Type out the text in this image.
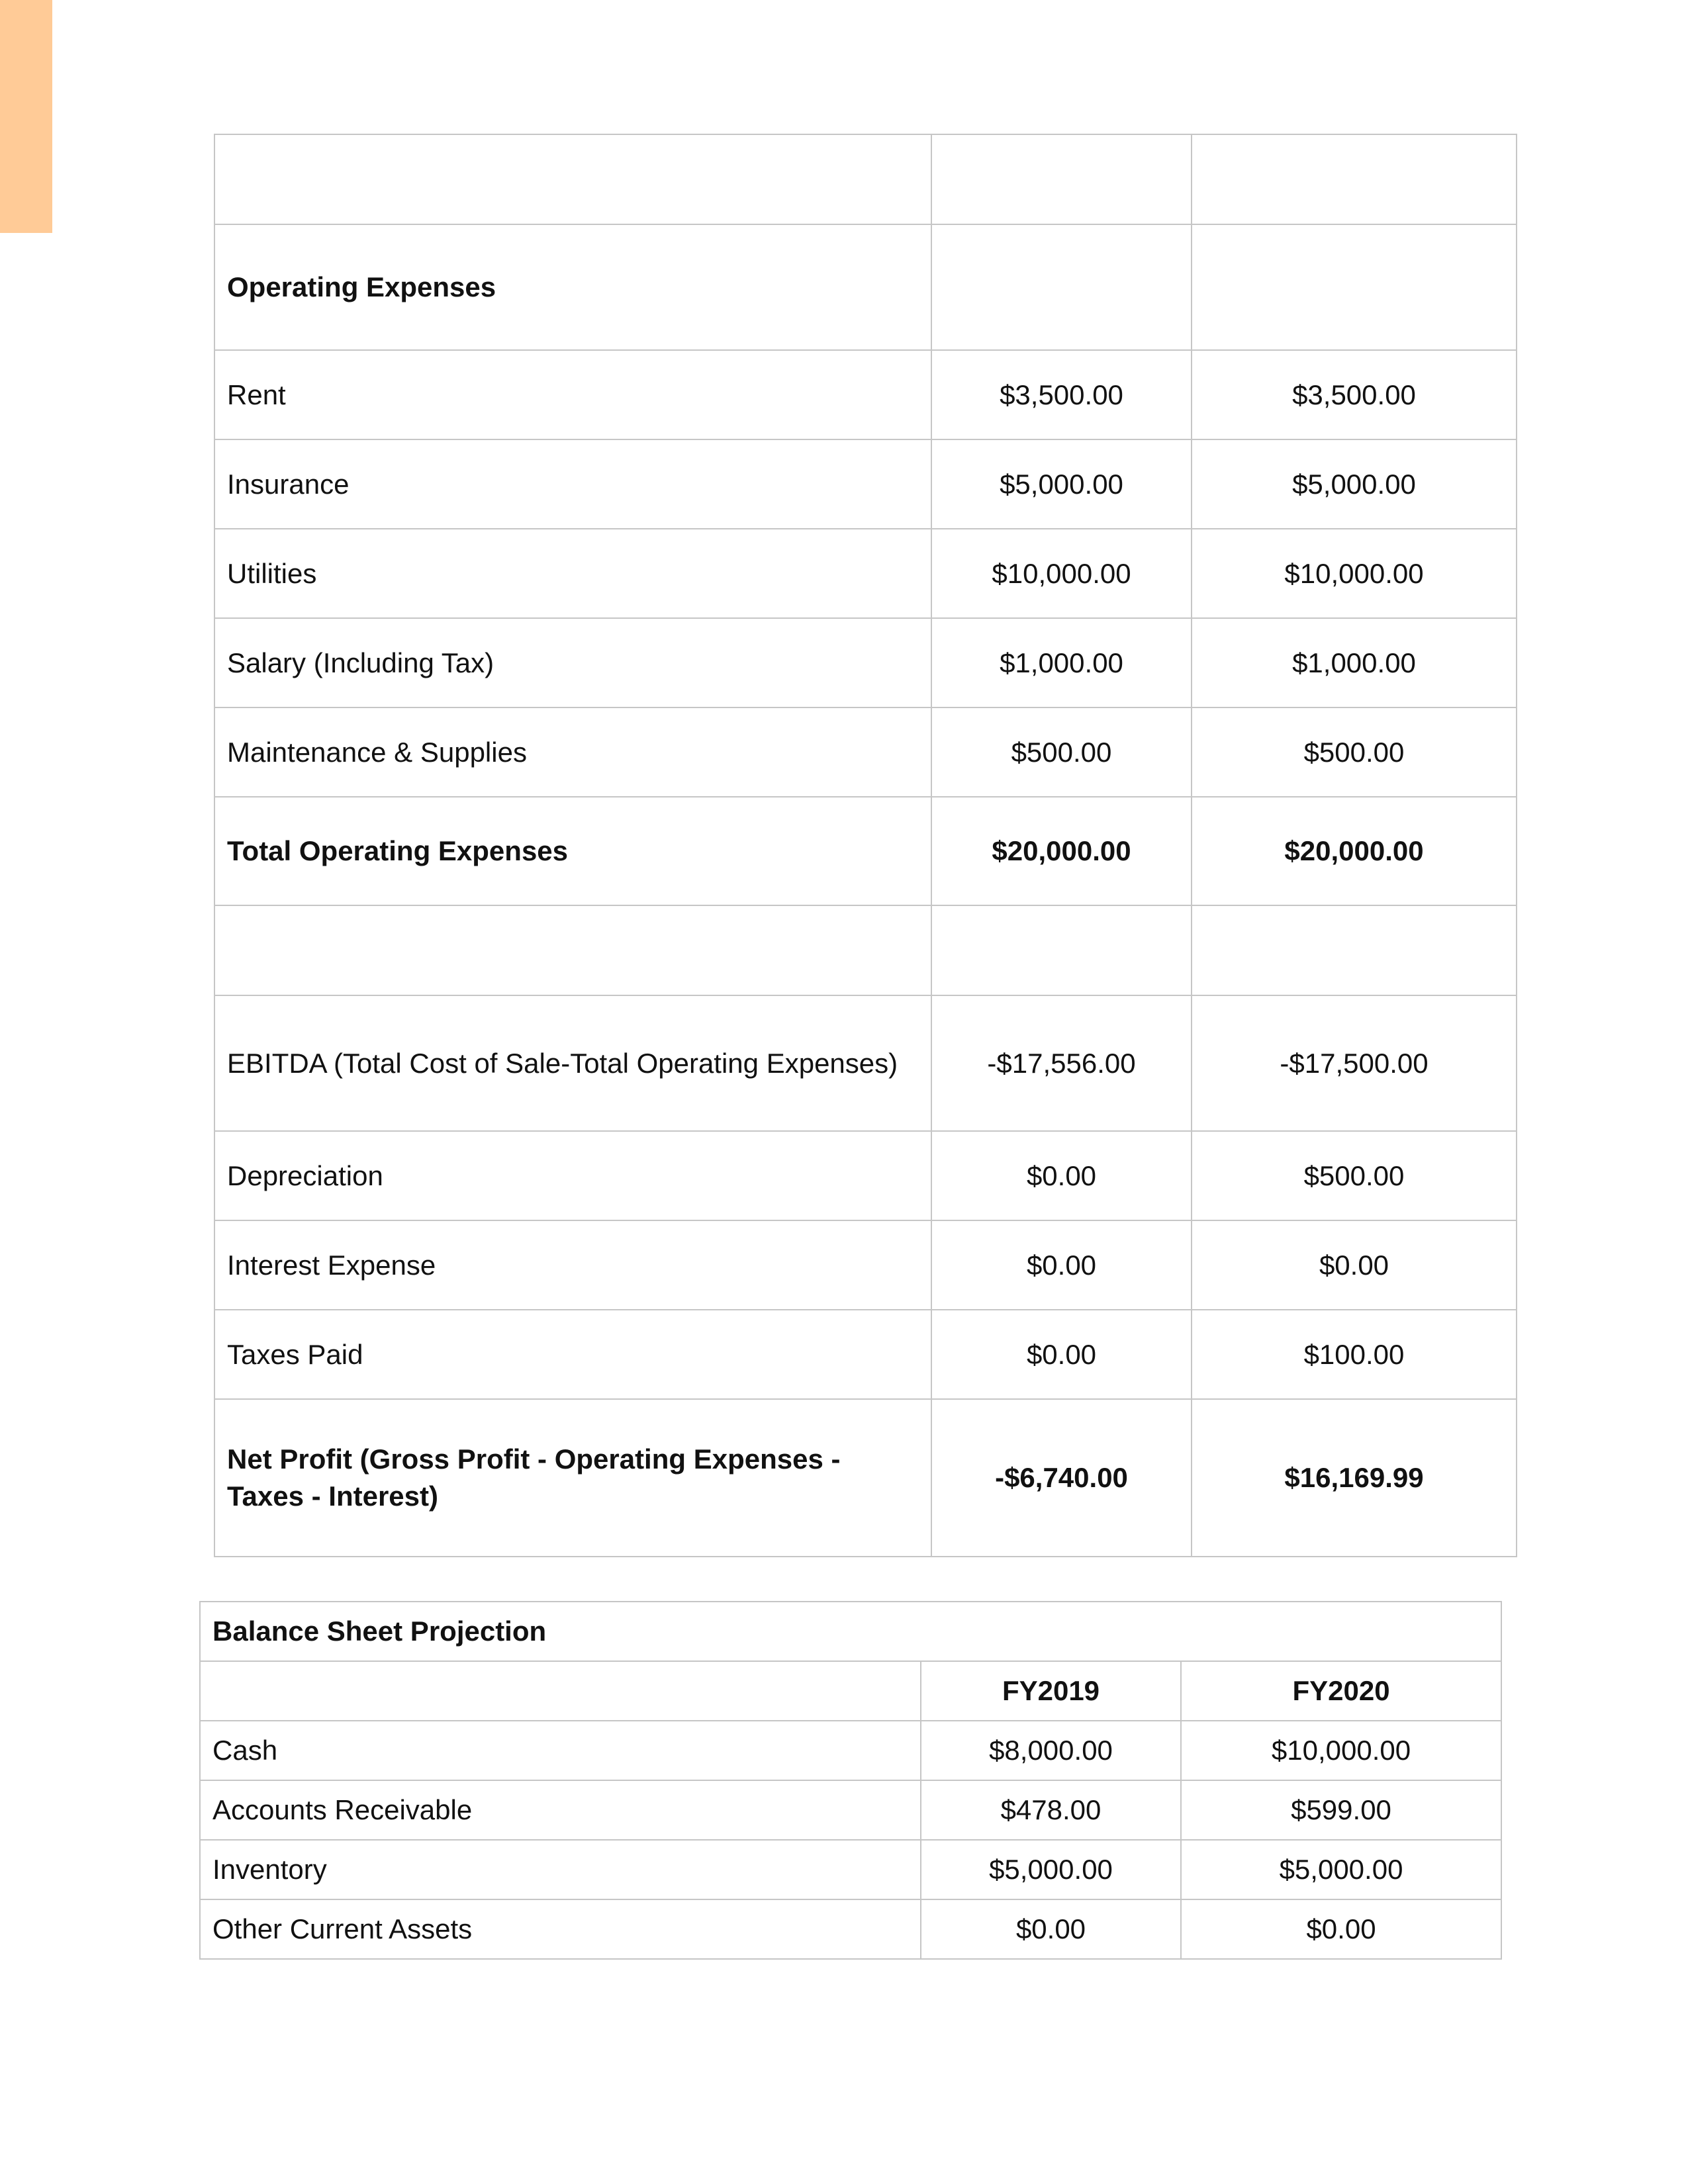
Operating Expenses		
Rent	$3,500.00	$3,500.00
Insurance	$5,000.00	$5,000.00
Utilities	$10,000.00	$10,000.00
Salary (Including Tax)	$1,000.00	$1,000.00
Maintenance & Supplies	$500.00	$500.00
Total Operating Expenses	$20,000.00	$20,000.00

EBITDA (Total Cost of Sale-Total Operating Expenses)	-$17,556.00	-$17,500.00
Depreciation	$0.00	$500.00
Interest Expense	$0.00	$0.00
Taxes Paid	$0.00	$100.00
Net Profit (Gross Profit - Operating Expenses - Taxes - Interest)	-$6,740.00	$16,169.99
Balance Sheet Projection		
	FY2019	FY2020
Cash	$8,000.00	$10,000.00
Accounts Receivable	$478.00	$599.00
Inventory	$5,000.00	$5,000.00
Other Current Assets	$0.00	$0.00
